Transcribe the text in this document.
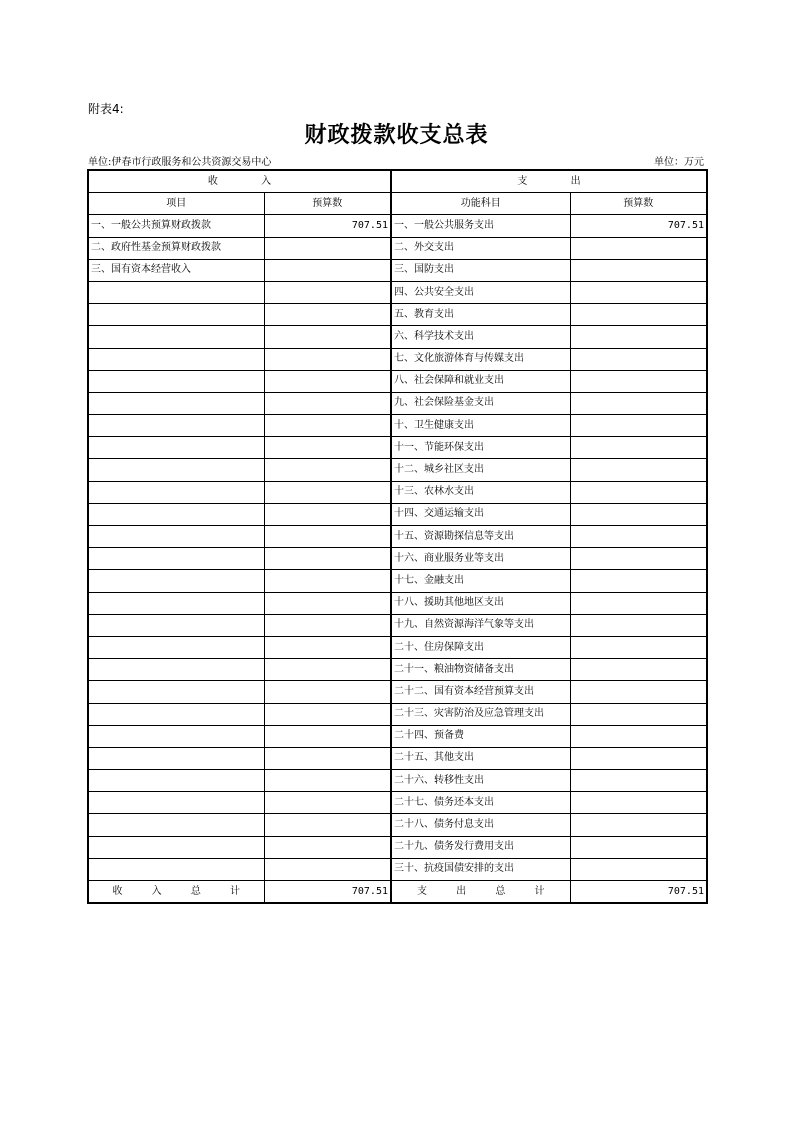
附表4:
财政拨款收支总表
单位:伊春市行政服务和公共资源交易中心	单位：万元
收 入		支 出	
项目	预算数	功能科目	预算数
一、一般公共预算财政拨款	707.51	一、一般公共服务支出	707.51
二、政府性基金预算财政拨款		二、外交支出	
三、国有资本经营收入		三、国防支出	
		四、公共安全支出	
		五、教育支出	
		六、科学技术支出	
		七、文化旅游体育与传媒支出	
		八、社会保障和就业支出	
		九、社会保险基金支出	
		十、卫生健康支出	
		十一、节能环保支出	
		十二、城乡社区支出	
		十三、农林水支出	
		十四、交通运输支出	
		十五、资源勘探信息等支出	
		十六、商业服务业等支出	
		十七、金融支出	
		十八、援助其他地区支出	
		十九、自然资源海洋气象等支出	
		二十、住房保障支出	
		二十一、粮油物资储备支出	
		二十二、国有资本经营预算支出	
		二十三、灾害防治及应急管理支出	
		二十四、预备费	
		二十五、其他支出	
		二十六、转移性支出	
		二十七、债务还本支出	
		二十八、债务付息支出	
		二十九、债务发行费用支出	
		三十、抗疫国债安排的支出	
收 入 总 计	707.51	支 出 总 计	707.51
